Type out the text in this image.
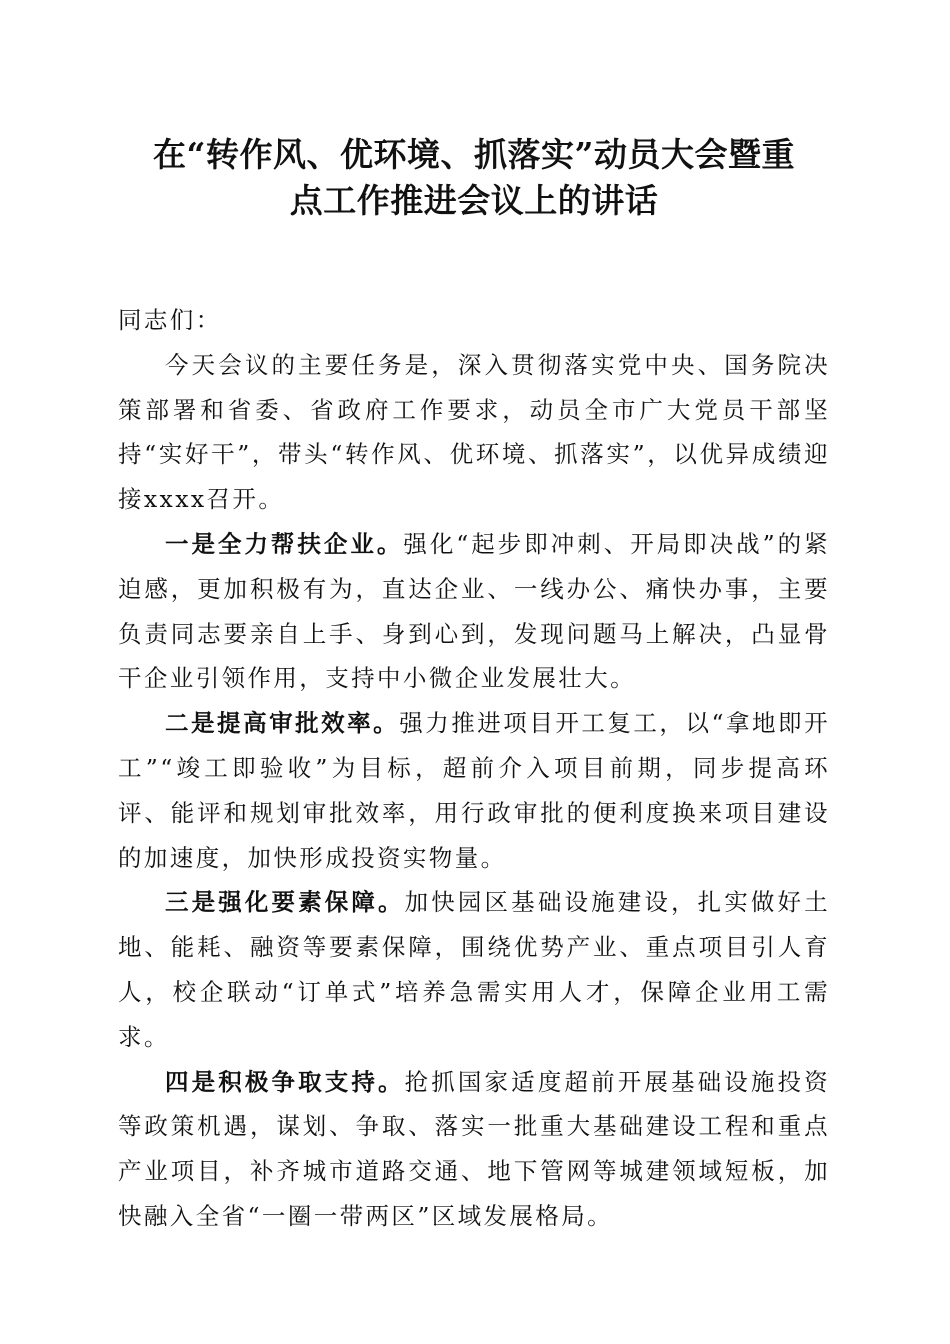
在“转作风、优环境、抓落实”动员大会暨重
点工作推进会议上的讲话

同志们：

今天会议的主要任务是，深入贯彻落实党中央、国务院决策部署和省委、省政府工作要求，动员全市广大党员干部坚持“实好干”，带头“转作风、优环境、抓落实”，以优异成绩迎接xxxx召开。

一是全力帮扶企业。强化“起步即冲刺、开局即决战”的紧迫感，更加积极有为，直达企业、一线办公、痛快办事，主要负责同志要亲自上手、身到心到，发现问题马上解决，凸显骨干企业引领作用，支持中小微企业发展壮大。

二是提高审批效率。强力推进项目开工复工，以“拿地即开工”“竣工即验收”为目标，超前介入项目前期，同步提高环评、能评和规划审批效率，用行政审批的便利度换来项目建设的加速度，加快形成投资实物量。

三是强化要素保障。加快园区基础设施建设，扎实做好土地、能耗、融资等要素保障，围绕优势产业、重点项目引人育人，校企联动“订单式”培养急需实用人才，保障企业用工需求。

四是积极争取支持。抢抓国家适度超前开展基础设施投资等政策机遇，谋划、争取、落实一批重大基础建设工程和重点产业项目，补齐城市道路交通、地下管网等城建领域短板，加快融入全省“一圈一带两区”区域发展格局。
